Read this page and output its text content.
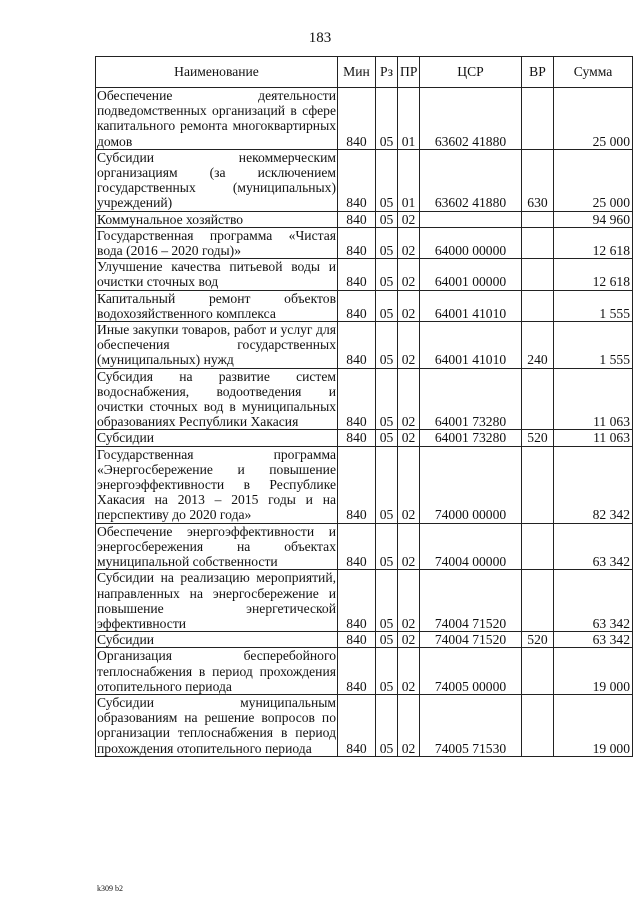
183
Наименование	Мин	Рз	ПР	ЦСР	ВР	Сумма
Обеспечение деятельности подведомственных организаций в сфере капитального ремонта многоквартирных домов	840	05	01	63602 41880		25 000
Субсидии некоммерческим организациям (за исключением государственных (муниципальных) учреждений)	840	05	01	63602 41880	630	25 000
Коммунальное хозяйство	840	05	02			94 960
Государственная программа «Чистая вода (2016 – 2020 годы)»	840	05	02	64000 00000		12 618
Улучшение качества питьевой воды и очистки сточных вод	840	05	02	64001 00000		12 618
Капитальный ремонт объектов водохозяйственного комплекса	840	05	02	64001 41010		1 555
Иные закупки товаров, работ и услуг для обеспечения государственных (муниципальных) нужд	840	05	02	64001 41010	240	1 555
Субсидия на развитие систем водоснабжения, водоотведения и очистки сточных вод в муниципальных образованиях Республики Хакасия	840	05	02	64001 73280		11 063
Субсидии	840	05	02	64001 73280	520	11 063
Государственная программа «Энергосбережение и повышение энергоэффективности в Республике Хакасия на 2013 – 2015 годы и на перспективу до 2020 года»	840	05	02	74000 00000		82 342
Обеспечение энергоэффективности и энергосбережения на объектах муниципальной собственности	840	05	02	74004 00000		63 342
Субсидии на реализацию мероприятий, направленных на энергосбережение и повышение энергетической эффективности	840	05	02	74004 71520		63 342
Субсидии	840	05	02	74004 71520	520	63 342
Организация бесперебойного теплоснабжения в период прохождения отопительного периода	840	05	02	74005 00000		19 000
Субсидии муниципальным образованиям на решение вопросов по организации теплоснабжения в период прохождения отопительного периода	840	05	02	74005 71530		19 000
k309 b2
